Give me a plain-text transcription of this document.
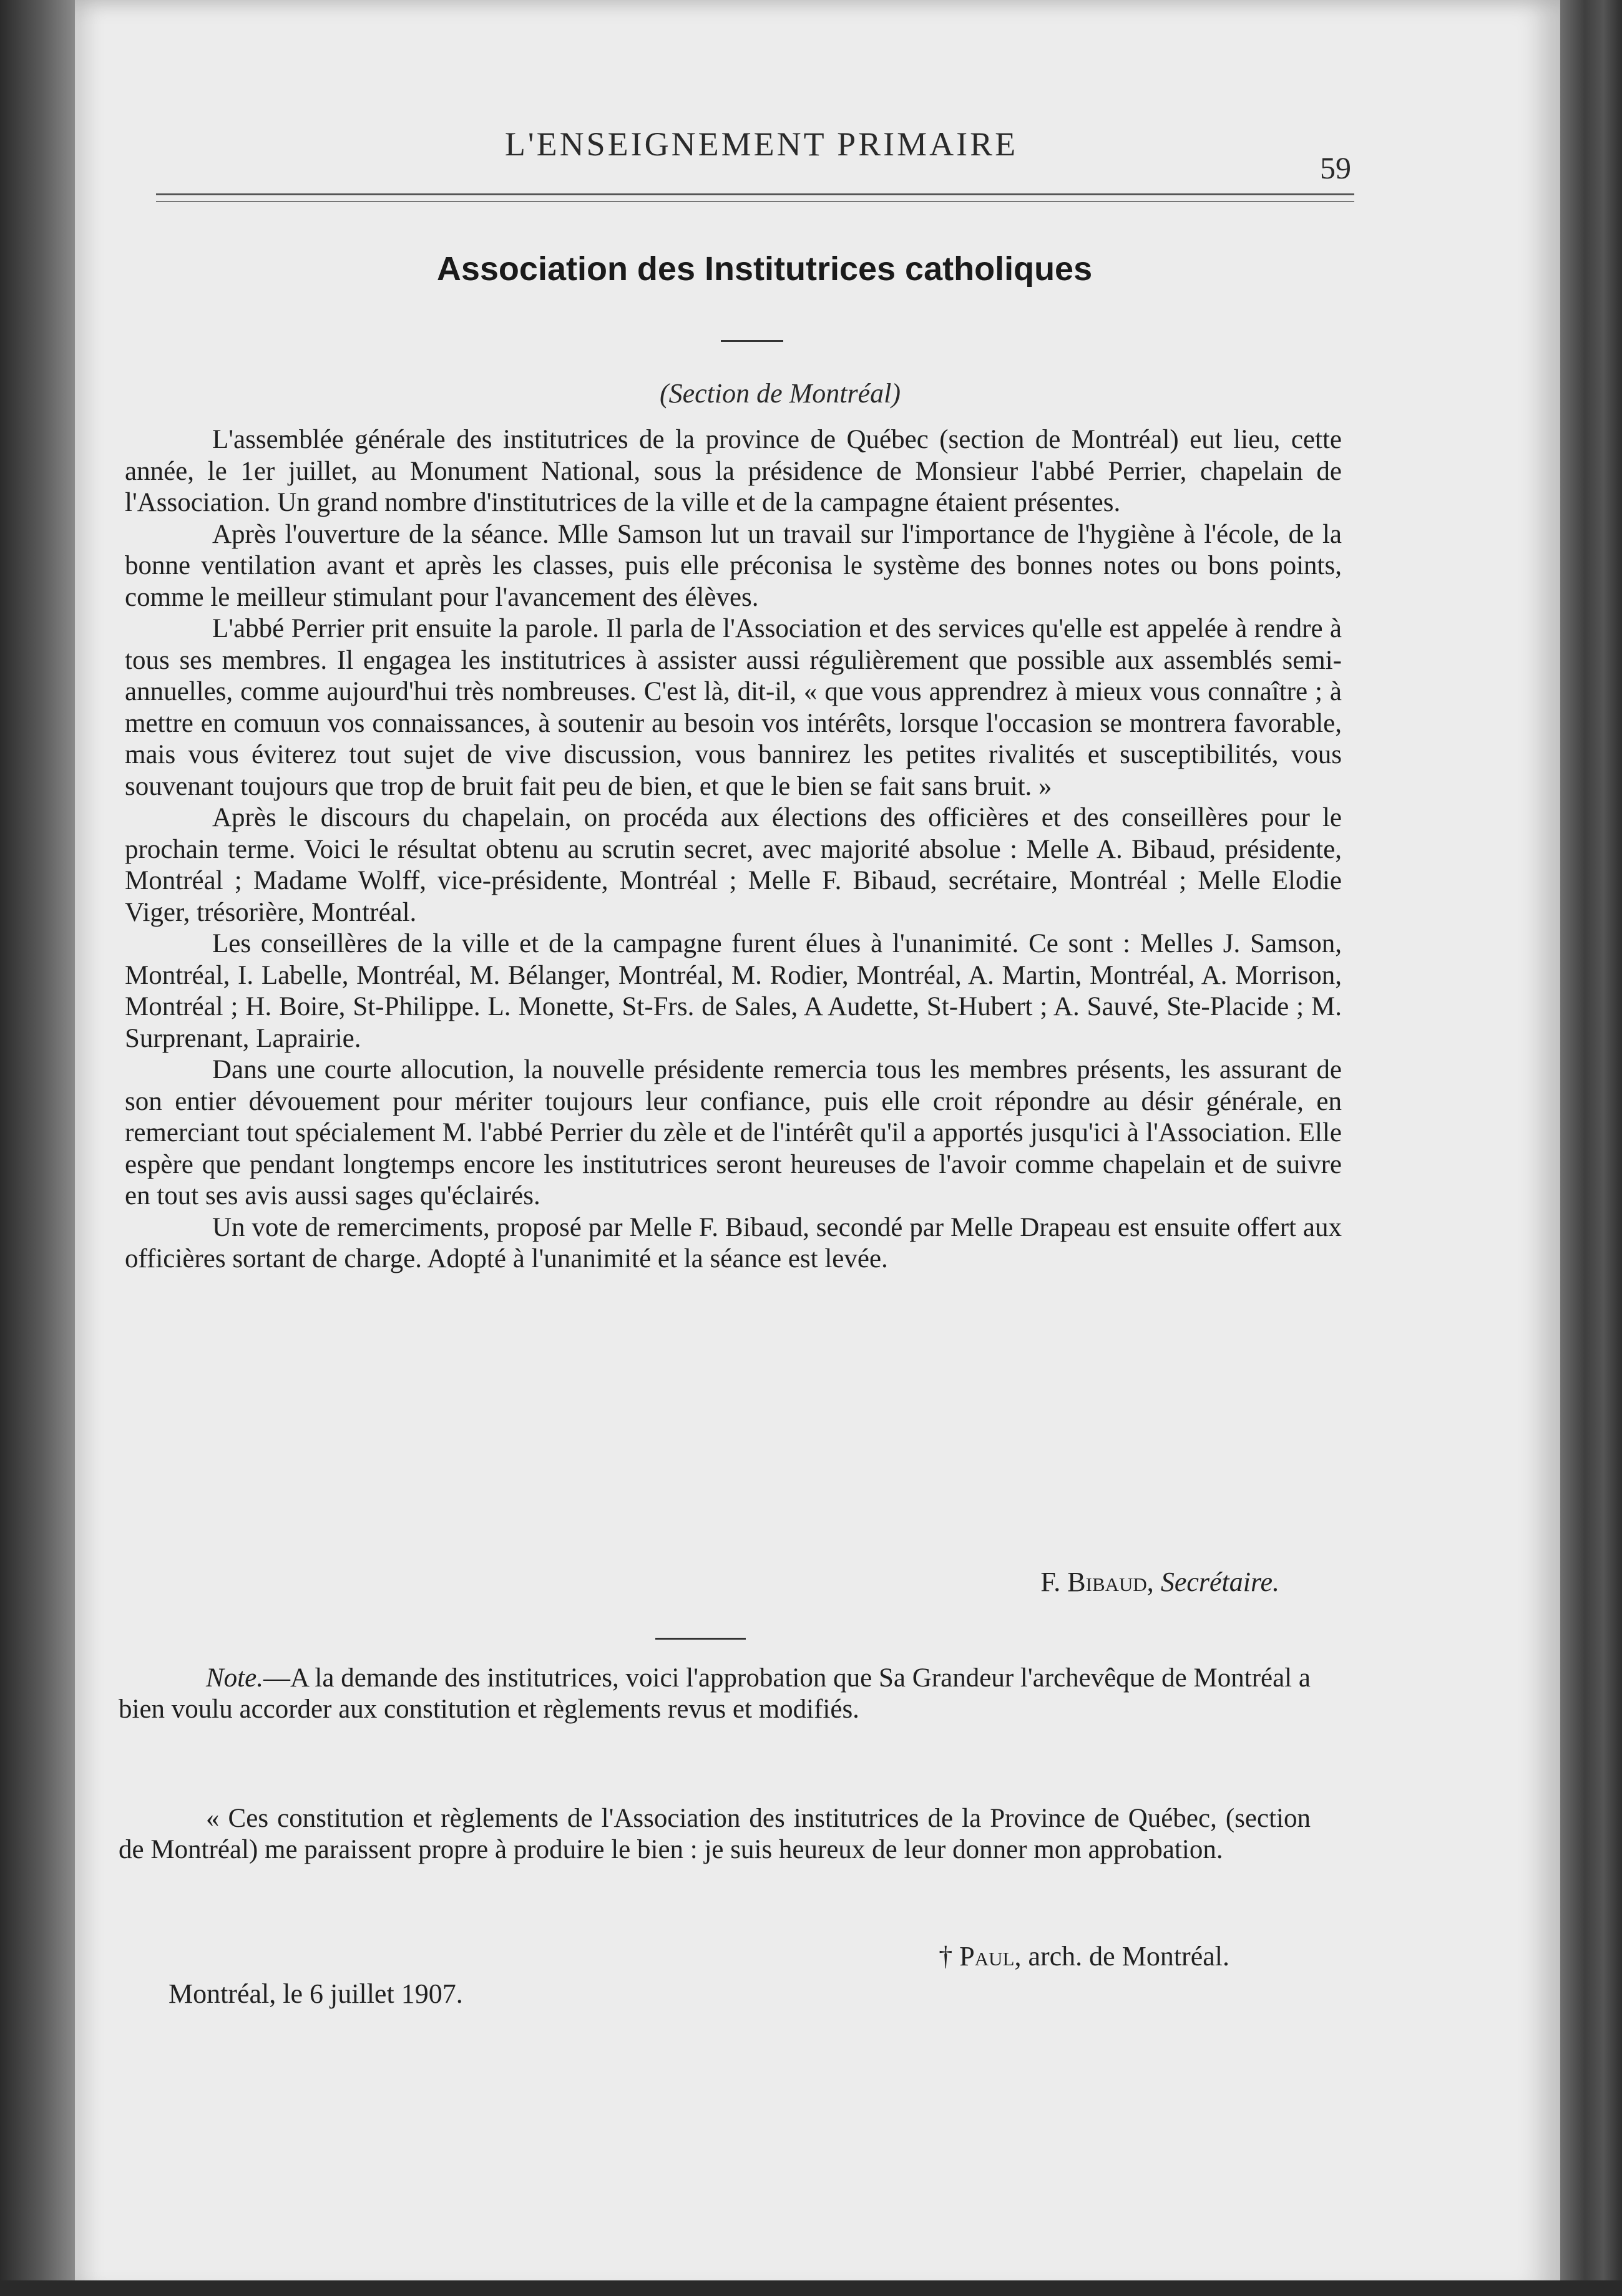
L'ENSEIGNEMENT PRIMAIRE
59
Association des Institutrices catholiques
(Section de Montréal)

L'assemblée générale des institutrices de la province de Québec (section de Montréal) eut lieu, cette année, le 1er juillet, au Monument National, sous la présidence de Monsieur l'abbé Perrier, chapelain de l'Association. Un grand nombre d'institutrices de la ville et de la campagne étaient présentes.

Après l'ouverture de la séance. Mlle Samson lut un travail sur l'importance de l'hygiène à l'école, de la bonne ventilation avant et après les classes, puis elle préconisa le système des bonnes notes ou bons points, comme le meilleur stimulant pour l'avancement des élèves.

L'abbé Perrier prit ensuite la parole. Il parla de l'Association et des services qu'elle est appelée à rendre à tous ses membres. Il engagea les institutrices à assister aussi régulièrement que possible aux assemblés semi-annuelles, comme aujourd'hui très nombreuses. C'est là, dit-il, « que vous apprendrez à mieux vous connaître ; à mettre en comuun vos connaissances, à soutenir au besoin vos intérêts, lorsque l'occasion se montrera favorable, mais vous éviterez tout sujet de vive discussion, vous bannirez les petites rivalités et susceptibilités, vous souvenant toujours que trop de bruit fait peu de bien, et que le bien se fait sans bruit. »

Après le discours du chapelain, on procéda aux élections des officières et des conseillères pour le prochain terme. Voici le résultat obtenu au scrutin secret, avec majorité absolue : Melle A. Bibaud, présidente, Montréal ; Madame Wolff, vice-présidente, Montréal ; Melle F. Bibaud, secrétaire, Montréal ; Melle Elodie Viger, trésorière, Montréal.

Les conseillères de la ville et de la campagne furent élues à l'unanimité. Ce sont : Melles J. Samson, Montréal, I. Labelle, Montréal, M. Bélanger, Montréal, M. Rodier, Montréal, A. Martin, Montréal, A. Morrison, Montréal ; H. Boire, St-Philippe. L. Monette, St-Frs. de Sales, A Audette, St-Hubert ; A. Sauvé, Ste-Placide ; M. Surprenant, Laprairie.

Dans une courte allocution, la nouvelle présidente remercia tous les membres présents, les assurant de son entier dévouement pour mériter toujours leur confiance, puis elle croit répondre au désir générale, en remerciant tout spécialement M. l'abbé Perrier du zèle et de l'intérêt qu'il a apportés jusqu'ici à l'Association. Elle espère que pendant longtemps encore les institutrices seront heureuses de l'avoir comme chapelain et de suivre en tout ses avis aussi sages qu'éclairés.

Un vote de remerciments, proposé par Melle F. Bibaud, secondé par Melle Drapeau est ensuite offert aux officières sortant de charge. Adopté à l'unanimité et la séance est levée.

F. Bibaud, Secrétaire.

Note.—A la demande des institutrices, voici l'approbation que Sa Grandeur l'archevêque de Montréal a bien voulu accorder aux constitution et règlements revus et modifiés.

« Ces constitution et règlements de l'Association des institutrices de la Province de Québec, (section de Montréal) me paraissent propre à produire le bien : je suis heureux de leur donner mon approbation.

† Paul, arch. de Montréal.
Montréal, le 6 juillet 1907.
